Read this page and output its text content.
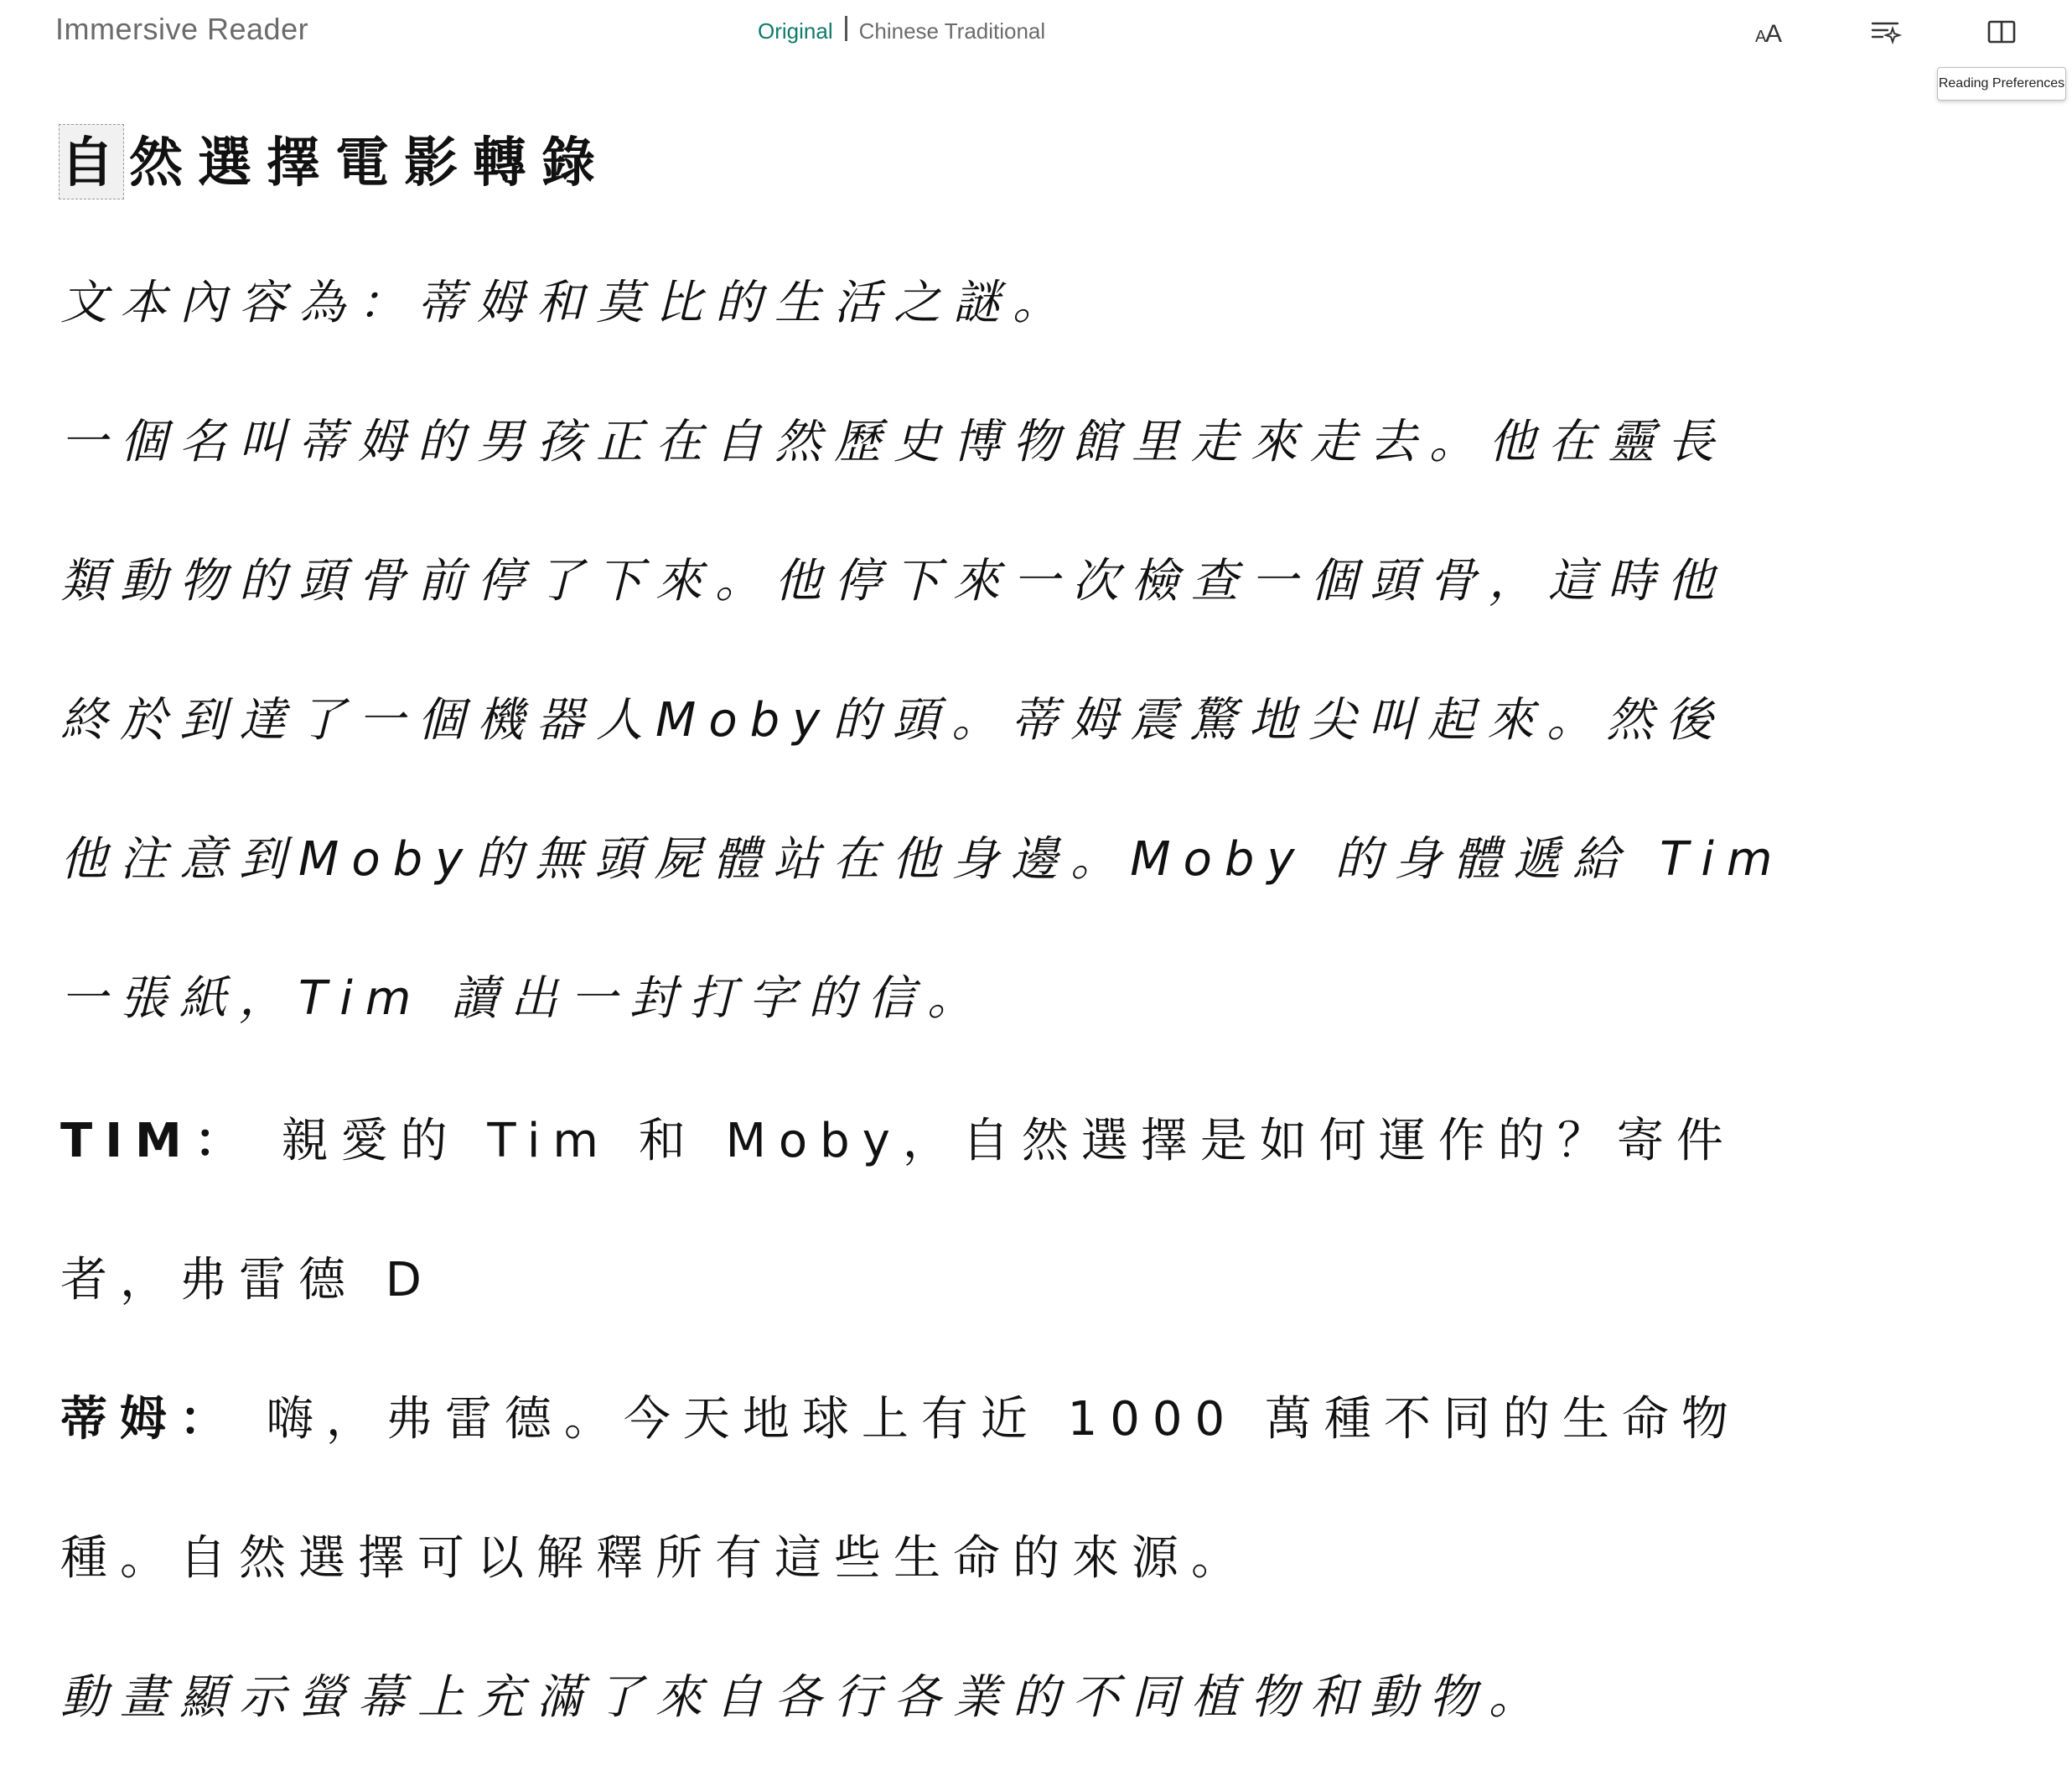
Immersive Reader	Original Chinese Traditional	A
A
Reading Preferences
自然選擇電影轉錄
文本內容為：蒂姆和莫比的生活之謎。
一個名叫蒂姆的男孩正在自然歷史博物館里走來走去。他在靈長
類動物的頭骨前停了下來。他停下來一次檢查一個頭骨，這時他
終於到達了一個機器人Moby的頭。蒂姆震驚地尖叫起來。然後
他注意到Moby的無頭屍體站在他身邊。Moby 的身體遞給 Tim
一張紙，Tim 讀出一封打字的信。
TIM： 親愛的 Tim 和 Moby，自然選擇是如何運作的？寄件
者，弗雷德 D
蒂姆： 嗨，弗雷德。今天地球上有近 1000 萬種不同的生命物
種。自然選擇可以解釋所有這些生命的來源。
動畫顯示螢幕上充滿了來自各行各業的不同植物和動物。
